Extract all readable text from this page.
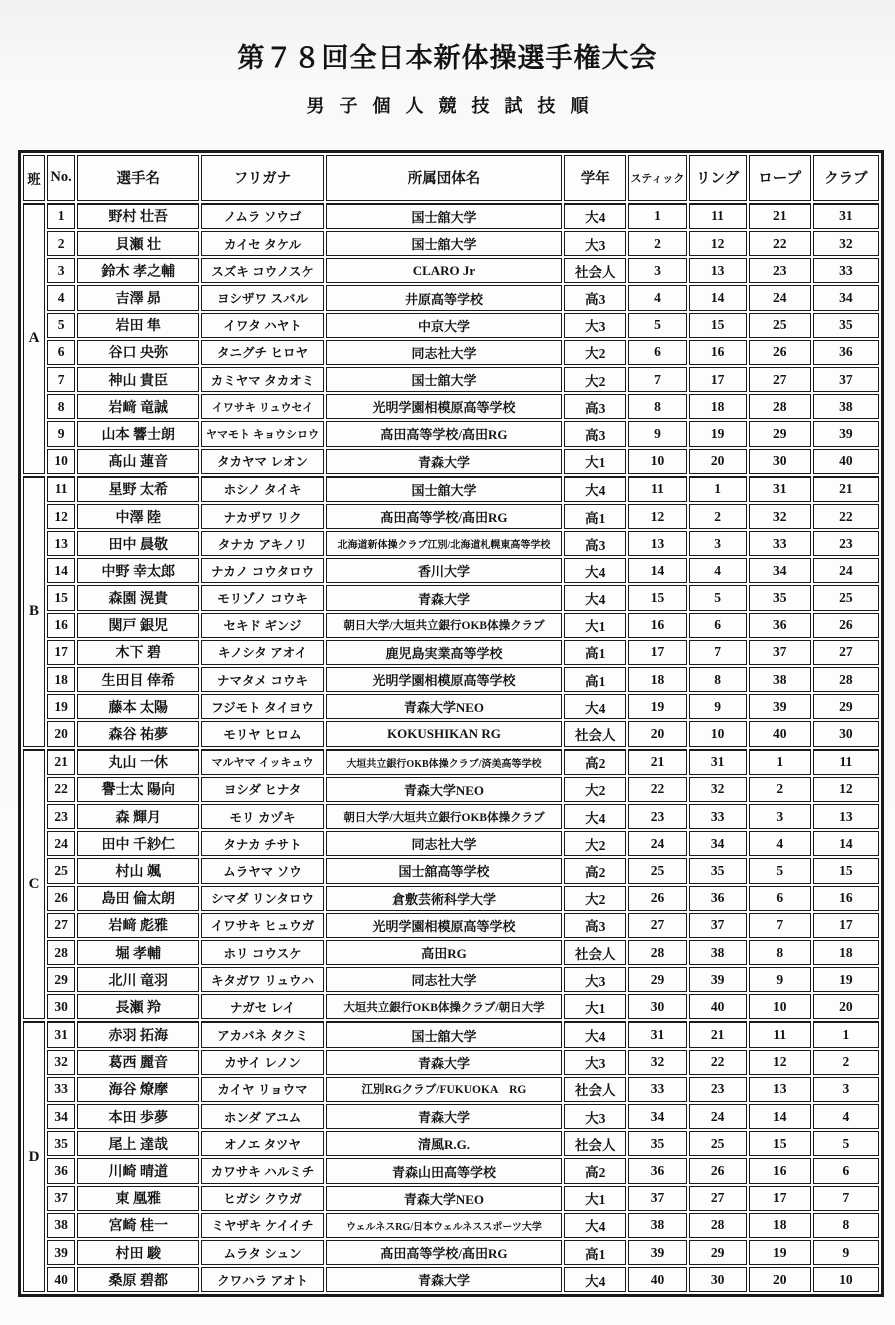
第７８回全日本新体操選手権大会
男子個人競技試技順
班	No.	選手名	フリガナ	所属団体名	学年	スティック	リング	ロープ	クラブ
A	1	野村 壮吾	ノムラ ソウゴ	国士舘大学	大4	1	11	21	31
	2	貝瀬 壮	カイセ タケル	国士舘大学	大3	2	12	22	32
	3	鈴木 孝之輔	スズキ コウノスケ	CLARO Jr	社会人	3	13	23	33
	4	吉澤 昴	ヨシザワ スバル	井原高等学校	高3	4	14	24	34
	5	岩田 隼	イワタ ハヤト	中京大学	大3	5	15	25	35
	6	谷口 央弥	タニグチ ヒロヤ	同志社大学	大2	6	16	26	36
	7	神山 貴臣	カミヤマ タカオミ	国士舘大学	大2	7	17	27	37
	8	岩﨑 竜誠	イワサキ リュウセイ	光明学園相模原高等学校	高3	8	18	28	38
	9	山本 響士朗	ヤマモト キョウシロウ	高田高等学校/高田RG	高3	9	19	29	39
	10	髙山 蓮音	タカヤマ レオン	青森大学	大1	10	20	30	40
B	11	星野 太希	ホシノ タイキ	国士舘大学	大4	11	1	31	21
	12	中澤 陸	ナカザワ リク	髙田高等学校/髙田RG	高1	12	2	32	22
	13	田中 晨敬	タナカ アキノリ	北海道新体操クラブ江別/北海道札幌東高等学校	高3	13	3	33	23
	14	中野 幸太郎	ナカノ コウタロウ	香川大学	大4	14	4	34	24
	15	森園 滉貴	モリゾノ コウキ	青森大学	大4	15	5	35	25
	16	関戸 銀児	セキド ギンジ	朝日大学/大垣共立銀行OKB体操クラブ	大1	16	6	36	26
	17	木下 碧	キノシタ アオイ	鹿児島実業高等学校	高1	17	7	37	27
	18	生田目 倖希	ナマタメ コウキ	光明学園相模原高等学校	高1	18	8	38	28
	19	藤本 太陽	フジモト タイヨウ	青森大学NEO	大4	19	9	39	29
	20	森谷 祐夢	モリヤ ヒロム	KOKUSHIKAN RG	社会人	20	10	40	30
C	21	丸山 一休	マルヤマ イッキュウ	大垣共立銀行OKB体操クラブ/済美高等学校	高2	21	31	1	11
	22	譽士太 陽向	ヨシダ ヒナタ	青森大学NEO	大2	22	32	2	12
	23	森 輝月	モリ カヅキ	朝日大学/大垣共立銀行OKB体操クラブ	大4	23	33	3	13
	24	田中 千紗仁	タナカ チサト	同志社大学	大2	24	34	4	14
	25	村山 颯	ムラヤマ ソウ	国士舘高等学校	高2	25	35	5	15
	26	島田 倫太朗	シマダ リンタロウ	倉敷芸術科学大学	大2	26	36	6	16
	27	岩﨑 彪雅	イワサキ ヒュウガ	光明学園相模原高等学校	高3	27	37	7	17
	28	堀 孝輔	ホリ コウスケ	高田RG	社会人	28	38	8	18
	29	北川 竜羽	キタガワ リュウハ	同志社大学	大3	29	39	9	19
	30	長瀬 羚	ナガセ レイ	大垣共立銀行OKB体操クラブ/朝日大学	大1	30	40	10	20
D	31	赤羽 拓海	アカバネ タクミ	国士舘大学	大4	31	21	11	1
	32	葛西 麗音	カサイ レノン	青森大学	大3	32	22	12	2
	33	海谷 燎摩	カイヤ リョウマ	江別RGクラブ/FUKUOKA　RG	社会人	33	23	13	3
	34	本田 歩夢	ホンダ アユム	青森大学	大3	34	24	14	4
	35	尾上 達哉	オノエ タツヤ	清風R.G.	社会人	35	25	15	5
	36	川崎 晴道	カワサキ ハルミチ	青森山田高等学校	高2	36	26	16	6
	37	東 凰雅	ヒガシ クウガ	青森大学NEO	大1	37	27	17	7
	38	宮崎 桂一	ミヤザキ ケイイチ	ウェルネスRG/日本ウェルネススポーツ大学	大4	38	28	18	8
	39	村田 駿	ムラタ シュン	髙田高等学校/髙田RG	高1	39	29	19	9
	40	桑原 碧都	クワハラ アオト	青森大学	大4	40	30	20	10
